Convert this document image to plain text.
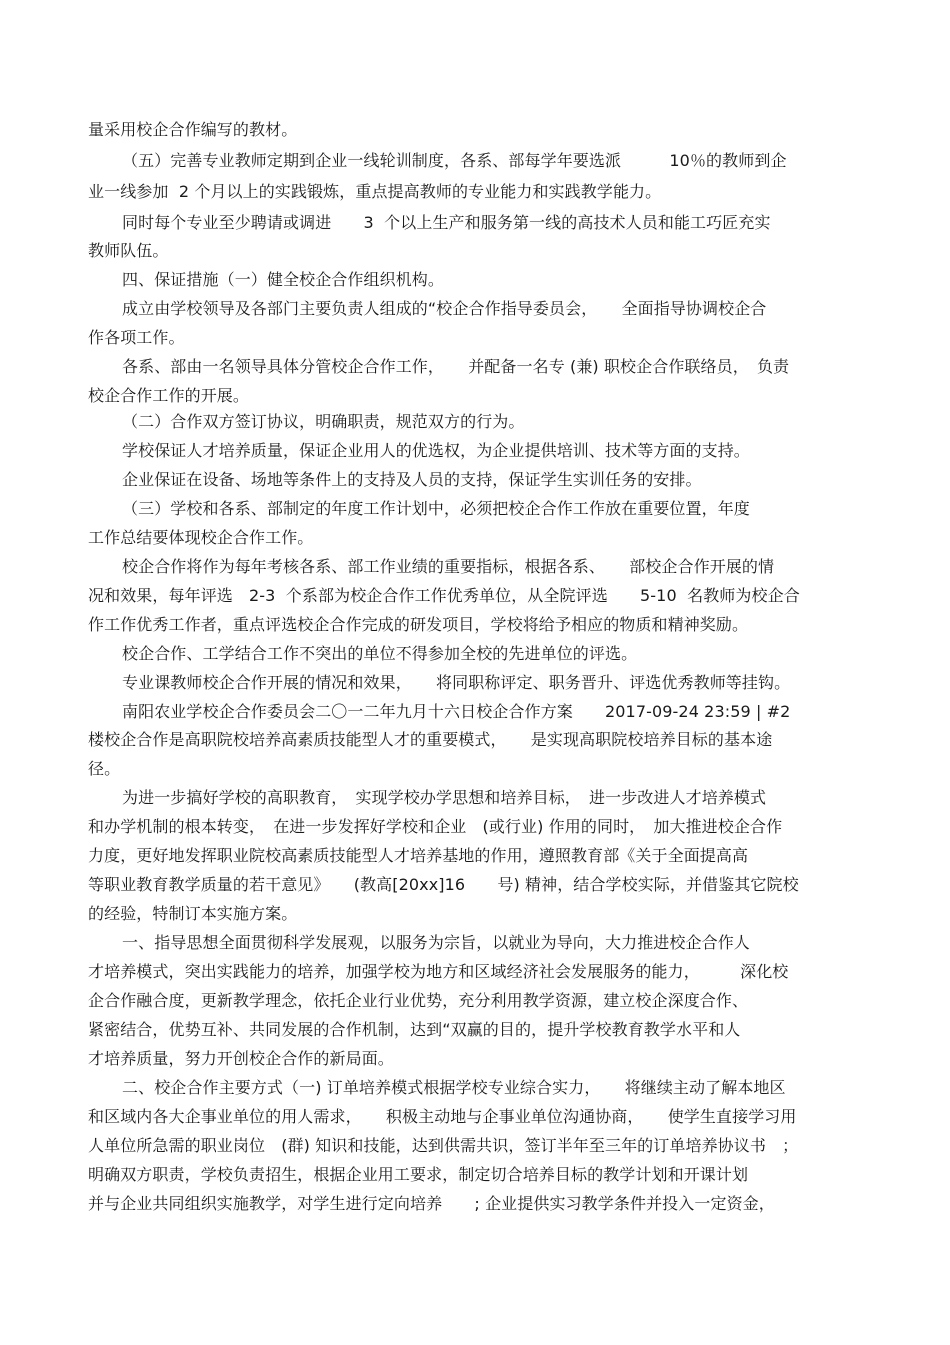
量采用校企合作编写的教材。
（五）完善专业教师定期到企业一线轮训制度，各系、部每学年要选派　　　10％的教师到企
业一线参加  2 个月以上的实践锻炼，重点提高教师的专业能力和实践教学能力。
同时每个专业至少聘请或调进　　3  个以上生产和服务第一线的高技术人员和能工巧匠充实
教师队伍。
四、保证措施（一）健全校企合作组织机构。
成立由学校领导及各部门主要负责人组成的“校企合作指导委员会，　　全面指导协调校企合
作各项工作。
各系、部由一名领导具体分管校企合作工作，　　并配备一名专 (兼) 职校企合作联络员，　负责
校企合作工作的开展。
（二）合作双方签订协议，明确职责，规范双方的行为。
学校保证人才培养质量，保证企业用人的优选权，为企业提供培训、技术等方面的支持。
企业保证在设备、场地等条件上的支持及人员的支持，保证学生实训任务的安排。
（三）学校和各系、部制定的年度工作计划中，必须把校企合作工作放在重要位置，年度
工作总结要体现校企合作工作。
校企合作将作为每年考核各系、部工作业绩的重要指标，根据各系、　　部校企合作开展的情
况和效果，每年评选　2-3  个系部为校企合作工作优秀单位，从全院评选　　5-10  名教师为校企合
作工作优秀工作者，重点评选校企合作完成的研发项目，学校将给予相应的物质和精神奖励。
校企合作、工学结合工作不突出的单位不得参加全校的先进单位的评选。
专业课教师校企合作开展的情况和效果，　　将同职称评定、职务晋升、评选优秀教师等挂钩。
南阳农业学校企合作委员会二〇一二年九月十六日校企合作方案　　2017-09-24 23:59 | #2
楼校企合作是高职院校培养高素质技能型人才的重要模式，　　是实现高职院校培养目标的基本途
径。
为进一步搞好学校的高职教育，　实现学校办学思想和培养目标，　进一步改进人才培养模式
和办学机制的根本转变，　在进一步发挥好学校和企业　(或行业) 作用的同时，　加大推进校企合作
力度，更好地发挥职业院校高素质技能型人才培养基地的作用，遵照教育部《关于全面提高高
等职业教育教学质量的若干意见》　　(教高[20xx]16　　号) 精神，结合学校实际，并借鉴其它院校
的经验，特制订本实施方案。
一、指导思想全面贯彻科学发展观，以服务为宗旨，以就业为导向，大力推进校企合作人
才培养模式，突出实践能力的培养，加强学校为地方和区域经济社会发展服务的能力，　　　深化校
企合作融合度，更新教学理念，依托企业行业优势，充分利用教学资源，建立校企深度合作、
紧密结合，优势互补、共同发展的合作机制，达到“双赢的目的，提升学校教育教学水平和人
才培养质量，努力开创校企合作的新局面。
二、校企合作主要方式（一) 订单培养模式根据学校专业综合实力，　　将继续主动了解本地区
和区域内各大企事业单位的用人需求，　　积极主动地与企事业单位沟通协商，　　使学生直接学习用
人单位所急需的职业岗位　(群) 知识和技能，达到供需共识，签订半年至三年的订单培养协议书　；
明确双方职责，学校负责招生，根据企业用工要求，制定切合培养目标的教学计划和开课计划
并与企业共同组织实施教学，对学生进行定向培养　　; 企业提供实习教学条件并投入一定资金，
